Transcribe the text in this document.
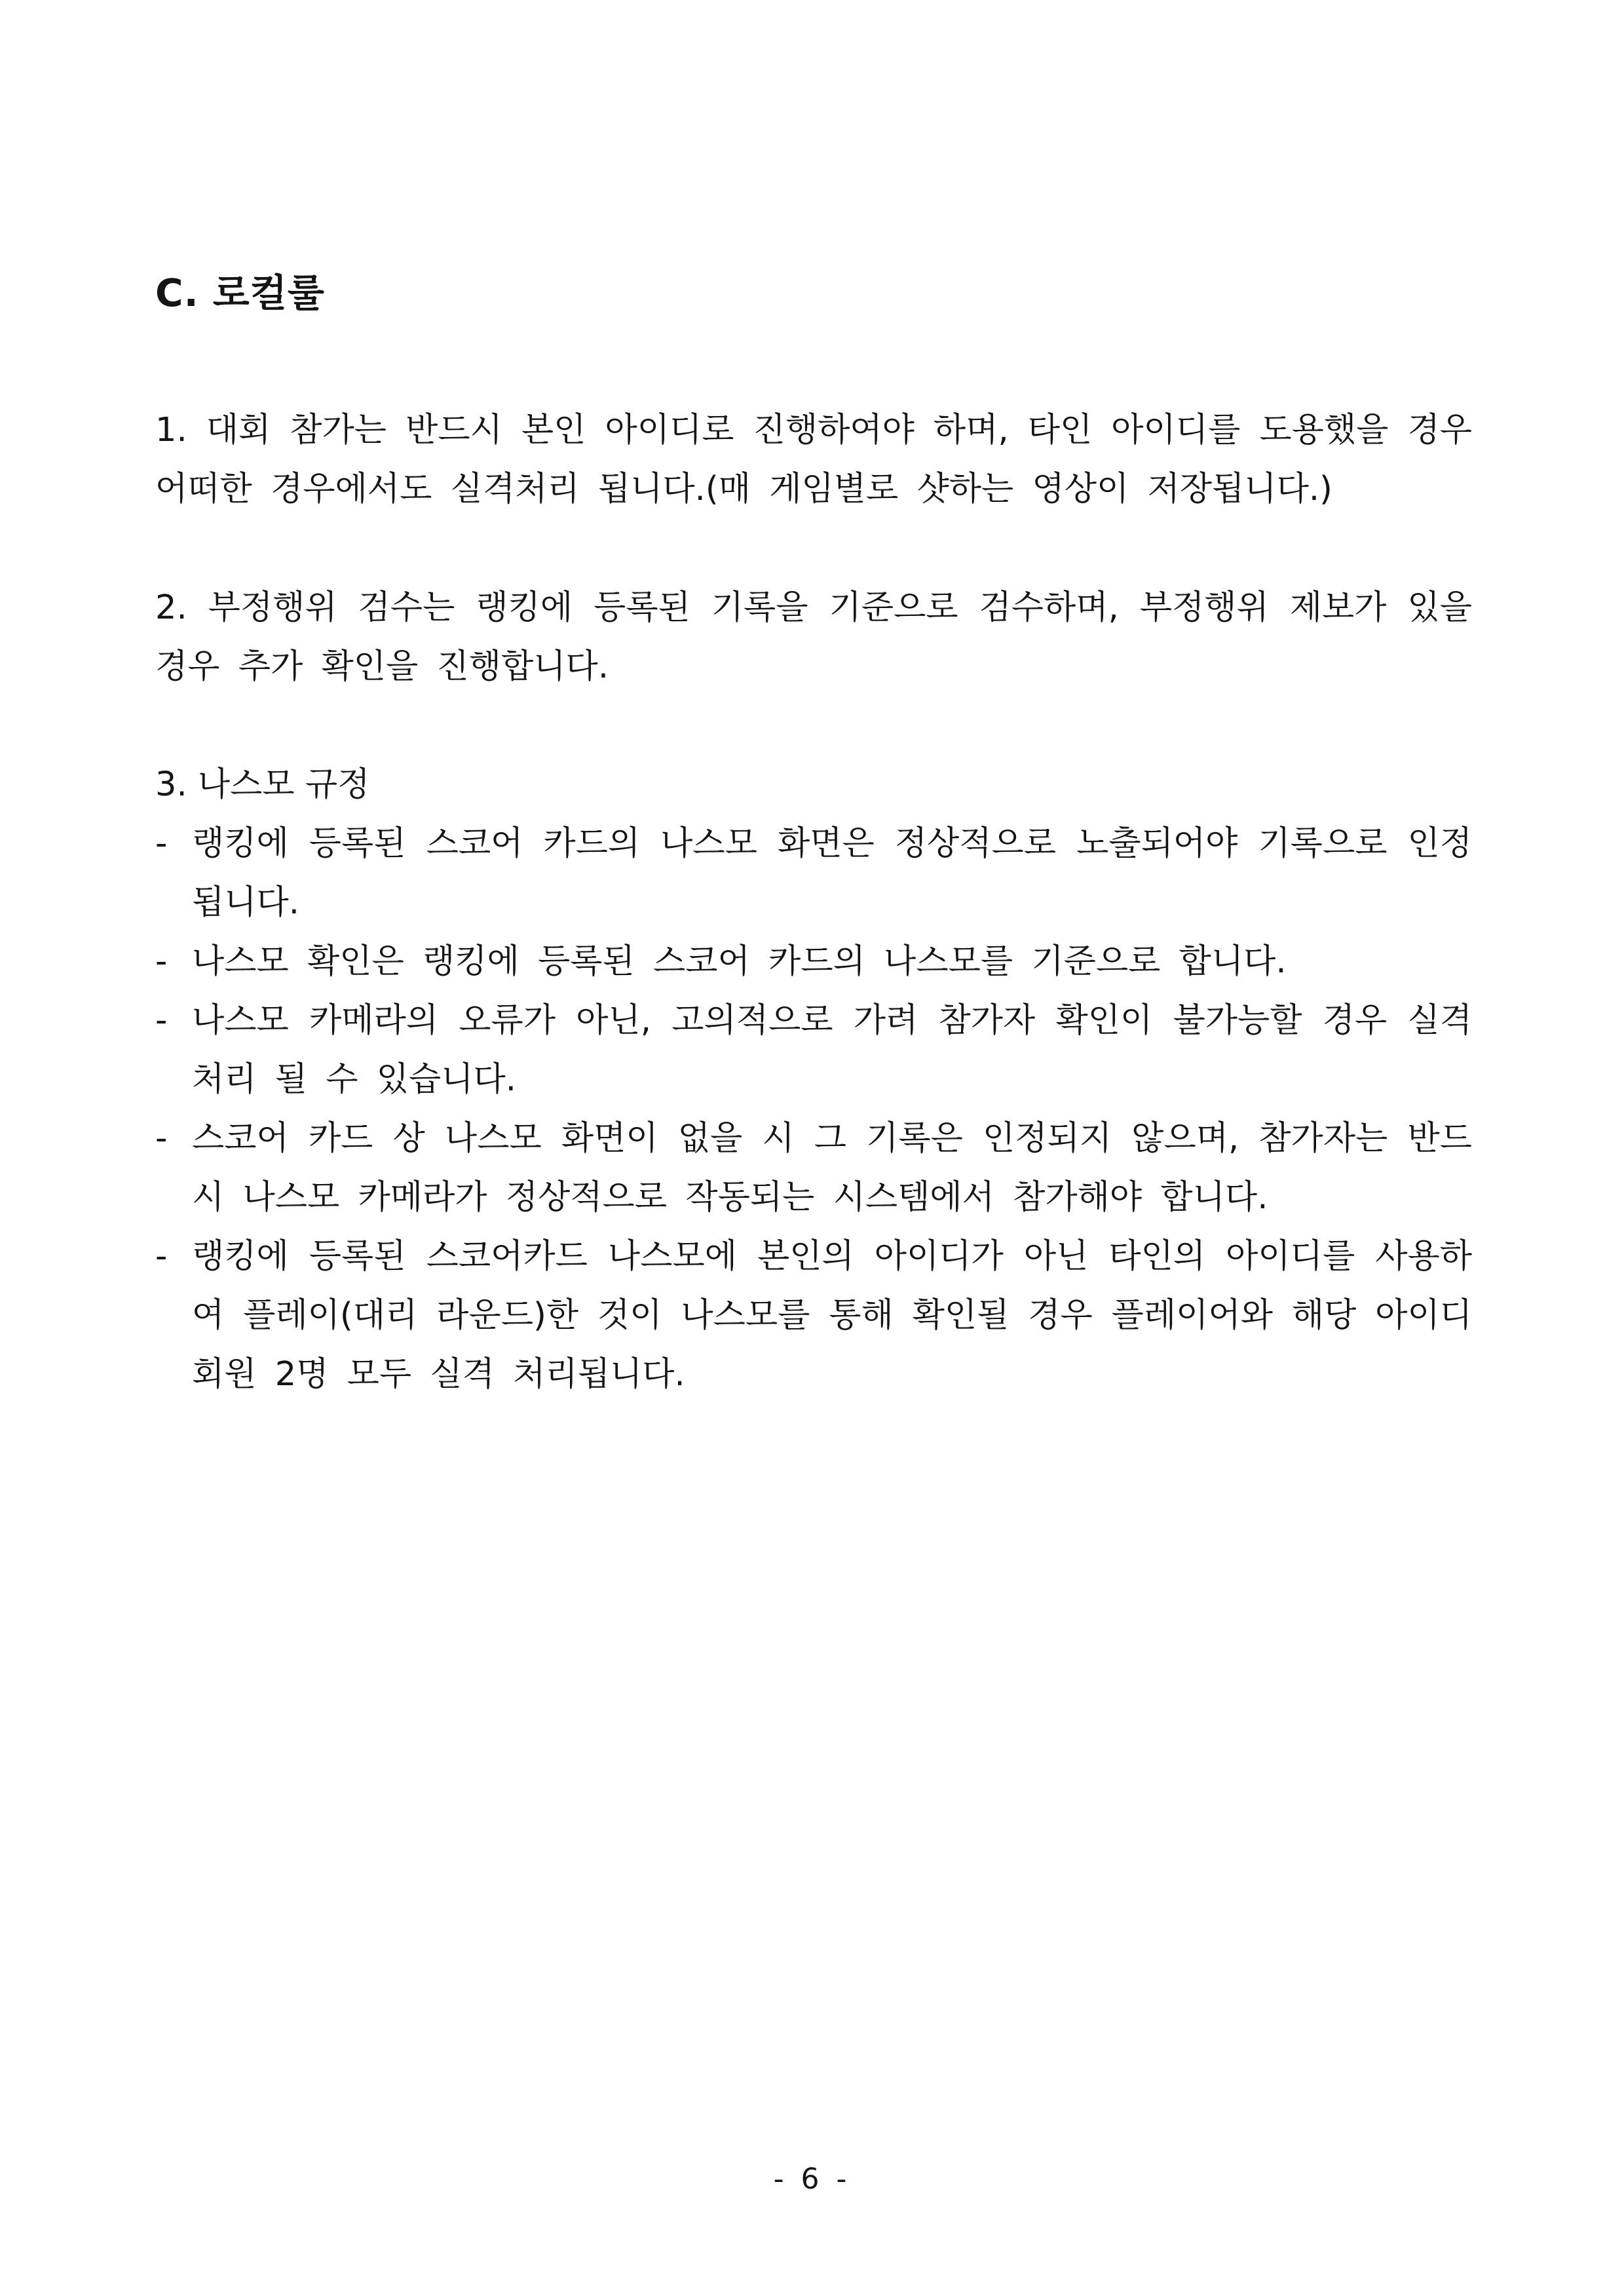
C. 로컬룰
1. 대회 참가는 반드시 본인 아이디로 진행하여야 하며, 타인 아이디를 도용했을 경우 어떠한 경우에서도 실격처리 됩니다.(매 게임별로 샷하는 영상이 저장됩니다.)
2. 부정행위 검수는 랭킹에 등록된 기록을 기준으로 검수하며, 부정행위 제보가 있을 경우 추가 확인을 진행합니다.
3. 나스모 규정
- 랭킹에 등록된 스코어 카드의 나스모 화면은 정상적으로 노출되어야 기록으로 인정됩니다.
- 나스모 확인은 랭킹에 등록된 스코어 카드의 나스모를 기준으로 합니다.
- 나스모 카메라의 오류가 아닌, 고의적으로 가려 참가자 확인이 불가능할 경우 실격처리 될 수 있습니다.
- 스코어 카드 상 나스모 화면이 없을 시 그 기록은 인정되지 않으며, 참가자는 반드시 나스모 카메라가 정상적으로 작동되는 시스템에서 참가해야 합니다.
- 랭킹에 등록된 스코어카드 나스모에 본인의 아이디가 아닌 타인의 아이디를 사용하여 플레이(대리 라운드)한 것이 나스모를 통해 확인될 경우 플레이어와 해당 아이디 회원 2명 모두 실격 처리됩니다.
- 6 -
